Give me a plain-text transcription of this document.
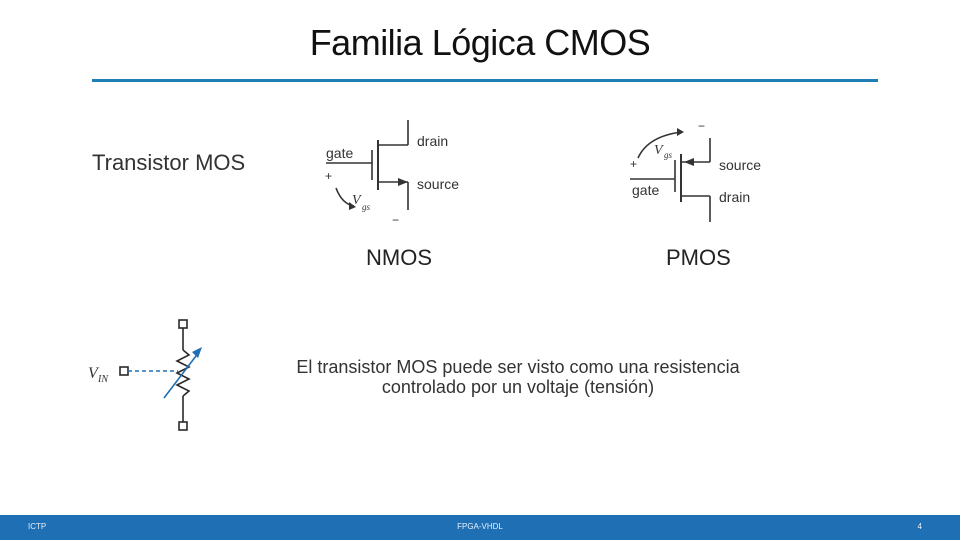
Familia Lógica CMOS
Transistor MOS	gate
drain
source
+
−
V gs
source
drain
gate
+
−
V gs
NMOS	PMOS
V IN
El transistor MOS puede ser visto como una resistencia
controlado por un voltaje (tensión)
ICTP	FPGA-VHDL	4
